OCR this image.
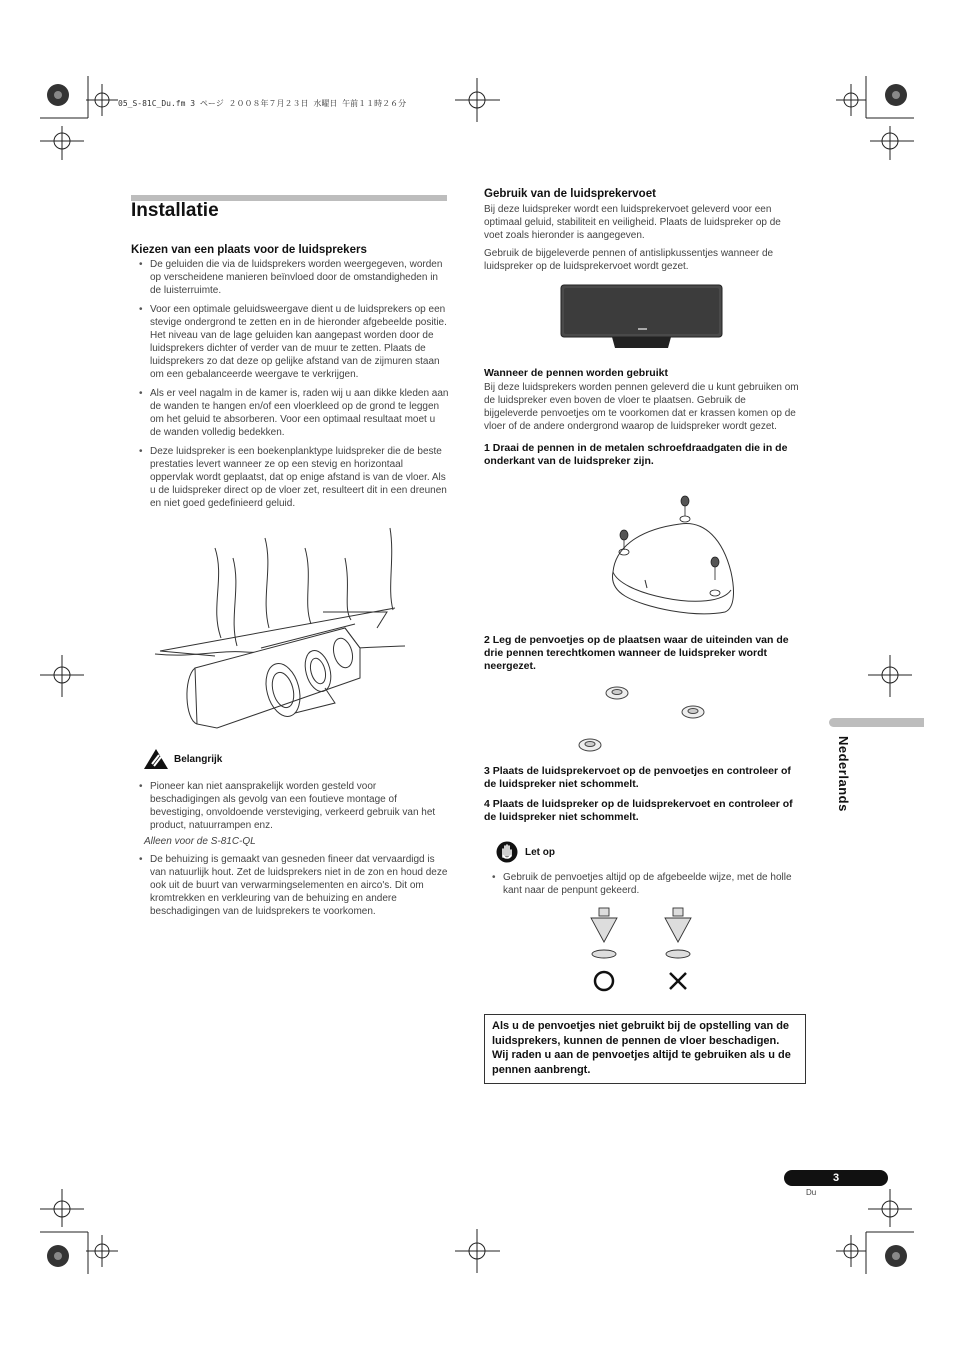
05_S-81C_Du.fm 3 ページ ２００８年７月２３日 水曜日 午前１１時２６分
Installatie
Kiezen van een plaats voor de luidsprekers
• De geluiden die via de luidsprekers worden weergegeven, worden op verscheidene manieren beïnvloed door de omstandigheden in de luisterruimte.
• Voor een optimale geluidsweergave dient u de luidsprekers op een stevige ondergrond te zetten en in de hieronder afgebeelde positie. Het niveau van de lage geluiden kan aangepast worden door de luidsprekers dichter of verder van de muur te zetten. Plaats de luidsprekers zo dat deze op gelijke afstand van de zijmuren staan om een gebalanceerde weergave te verkrijgen.
• Als er veel nagalm in de kamer is, raden wij u aan dikke kleden aan de wanden te hangen en/of een vloerkleed op de grond te leggen om het geluid te absorberen. Voor een optimaal resultaat moet u de wanden volledig bedekken.
• Deze luidspreker is een boekenplanktype luidspreker die de beste prestaties levert wanneer ze op een stevig en horizontaal oppervlak wordt geplaatst, dat op enige afstand is van de vloer. Als u de luidspreker direct op de vloer zet, resulteert dit in een dreunen en niet goed gedefinieerd geluid.
Belangrijk
• Pioneer kan niet aansprakelijk worden gesteld voor beschadigingen als gevolg van een foutieve montage of bevestiging, onvoldoende versteviging, verkeerd gebruik van het product, natuurrampen enz.
Alleen voor de S-81C-QL
• De behuizing is gemaakt van gesneden fineer dat vervaardigd is van natuurlijk hout. Zet de luidsprekers niet in de zon en houd deze ook uit de buurt van verwarmingselementen en airco's. Dit om kromtrekken en verkleuring van de behuizing en andere beschadigingen van de luidsprekers te voorkomen.
Gebruik van de luidsprekervoet

Bij deze luidspreker wordt een luidsprekervoet geleverd voor een optimaal geluid, stabiliteit en veiligheid. Plaats de luidspreker op de voet zoals hieronder is aangegeven.

Gebruik de bijgeleverde pennen of antislipkussentjes wanneer de luidspreker op de luidsprekervoet wordt gezet.

Wanneer de pennen worden gebruikt

Bij deze luidsprekers worden pennen geleverd die u kunt gebruiken om de luidspreker even boven de vloer te plaatsen. Gebruik de bijgeleverde penvoetjes om te voorkomen dat er krassen komen op de vloer of de andere ondergrond waarop de luidspreker wordt gezet.

1 Draai de pennen in de metalen schroefdraadgaten die in de onderkant van de luidspreker zijn.
2 Leg de penvoetjes op de plaatsen waar de uiteinden van de drie pennen terechtkomen wanneer de luidspreker wordt neergezet.
3 Plaats de luidsprekervoet op de penvoetjes en controleer of de luidspreker niet schommelt.
4 Plaats de luidspreker op de luidsprekervoet en controleer of de luidspreker niet schommelt.
Let op
• Gebruik de penvoetjes altijd op de afgebeelde wijze, met de holle kant naar de penpunt gekeerd.
Als u de penvoetjes niet gebruikt bij de opstelling van de luidsprekers, kunnen de pennen de vloer beschadigen. Wij raden u aan de penvoetjes altijd te gebruiken als u de pennen aanbrengt.
Nederlands
3
Du
